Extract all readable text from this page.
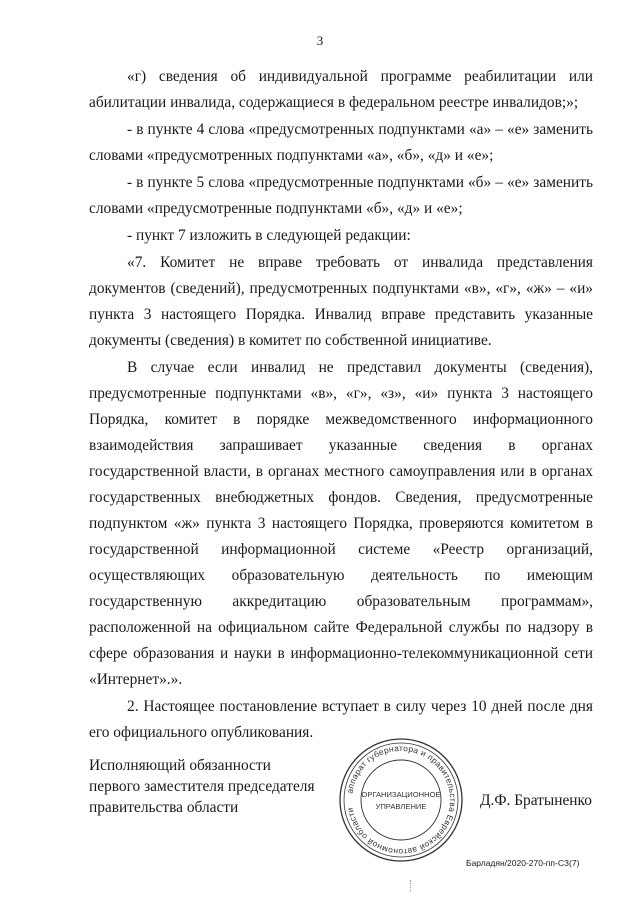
3

«г) сведения об индивидуальной программе реабилитации или абилитации инвалида, содержащиеся в федеральном реестре инвалидов;»;

- в пункте 4 слова «предусмотренных подпунктами «а» – «е» заменить словами «предусмотренных подпунктами «а», «б», «д» и «е»;

- в пункте 5 слова «предусмотренные подпунктами «б» – «е» заменить словами «предусмотренные подпунктами «б», «д» и «е»;

- пункт 7 изложить в следующей редакции:

«7. Комитет не вправе требовать от инвалида представления документов (сведений), предусмотренных подпунктами «в», «г», «ж» – «и» пункта 3 настоящего Порядка. Инвалид вправе представить указанные документы (сведения) в комитет по собственной инициативе.

В случае если инвалид не представил документы (сведения), предусмотренные подпунктами «в», «г», «з», «и» пункта 3 настоящего Порядка, комитет в порядке межведомственного информационного взаимодействия запрашивает указанные сведения в органах государственной власти, в органах местного самоуправления или в органах государственных внебюджетных фондов. Сведения, предусмотренные подпунктом «ж» пункта 3 настоящего Порядка, проверяются комитетом в государственной информационной системе «Реестр организаций, осуществляющих образовательную деятельность по имеющим государственную аккредитацию образовательным программам», расположенной на официальном сайте Федеральной службы по надзору в сфере образования и науки в информационно-телекоммуникационной сети «Интернет».».

2. Настоящее постановление вступает в силу через 10 дней после дня его официального опубликования.

Исполняющий обязанности
первого заместителя председателя
правительства области
аппарат губернатора и правительства Еврейской автономной области
ОРГАНИЗАЦИОННОЕ
УПРАВЛЕНИЕ	Д.Ф. Братыненко
Барладян/2020-270-пп-СЗ(7)
